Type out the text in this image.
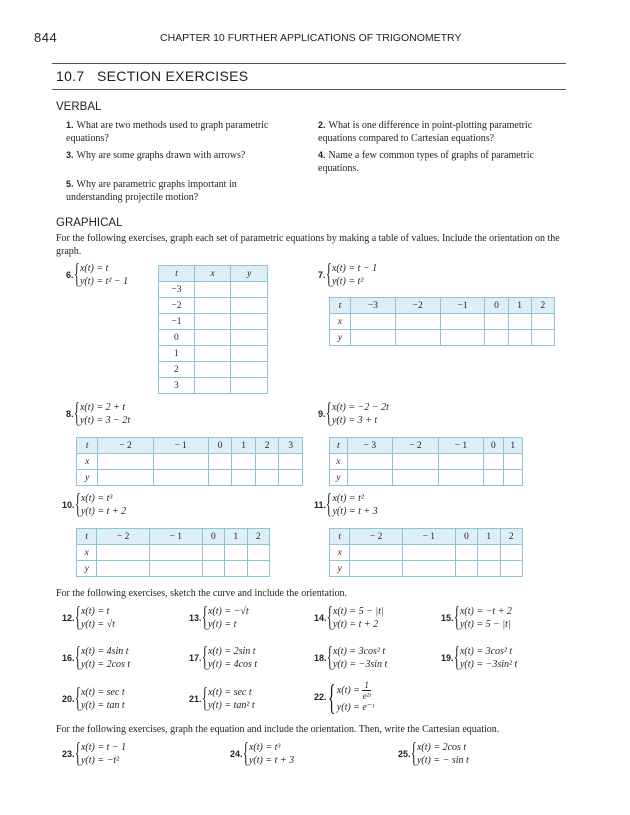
844	CHAPTER 10 FURTHER APPLICATIONS OF TRIGONOMETRY
10.7 SECTION EXERCISES
VERBAL
1. What are two methods used to graph parametric equations?
2. What is one difference in point-plotting parametric equations compared to Cartesian equations?
3. Why are some graphs drawn with arrows?	4. Name a few common types of graphs of parametric equations.
5. Why are parametric graphs important in understanding projectile motion?
GRAPHICAL
For the following exercises, graph each set of parametric equations by making a table of values. Include the orientation on the graph.
6. { x(t) = t
y(t) = t² − 1
t	x	y
−3		
−2		
−1		
0		
1		
2		
3		
7. { x(t) = t − 1
y(t) = t²
t	−3	−2	−1	0	1	2
x						
y						
8. { x(t) = 2 + t
y(t) = 3 − 2t
t	− 2	− 1	0	1	2	3
x						
y						
9. { x(t) = −2 − 2t
y(t) = 3 + t
t	− 3	− 2	− 1	0	1
x					
y					
10. { x(t) = t³
y(t) = t + 2
t	− 2	− 1	0	1	2
x					
y					
11. { x(t) = t²
y(t) = t + 3
t	− 2	− 1	0	1	2
x					
y					
For the following exercises, sketch the curve and include the orientation.
12. { x(t) = t
y(t) = √t
13. { x(t) = −√t
y(t) = t
14. { x(t) = 5 − |t|
y(t) = t + 2
15. { x(t) = −t + 2
y(t) = 5 − |t|
16. { x(t) = 4sin t
y(t) = 2cos t
17. { x(t) = 2sin t
y(t) = 4cos t
18. { x(t) = 3cos² t
y(t) = −3sin t
19. { x(t) = 3cos² t
y(t) = −3sin² t
20. { x(t) = sec t
y(t) = tan t
21. { x(t) = sec t
y(t) = tan² t
22. { $x(t) = \frac{1}{\text{e²ᵗ}}$
y(t) = e⁻ᵗ
For the following exercises, graph the equation and include the orientation. Then, write the Cartesian equation.
23. { x(t) = t − 1
y(t) = −t²
24. { x(t) = t³
y(t) = t + 3
25. { x(t) = 2cos t
y(t) = − sin t
